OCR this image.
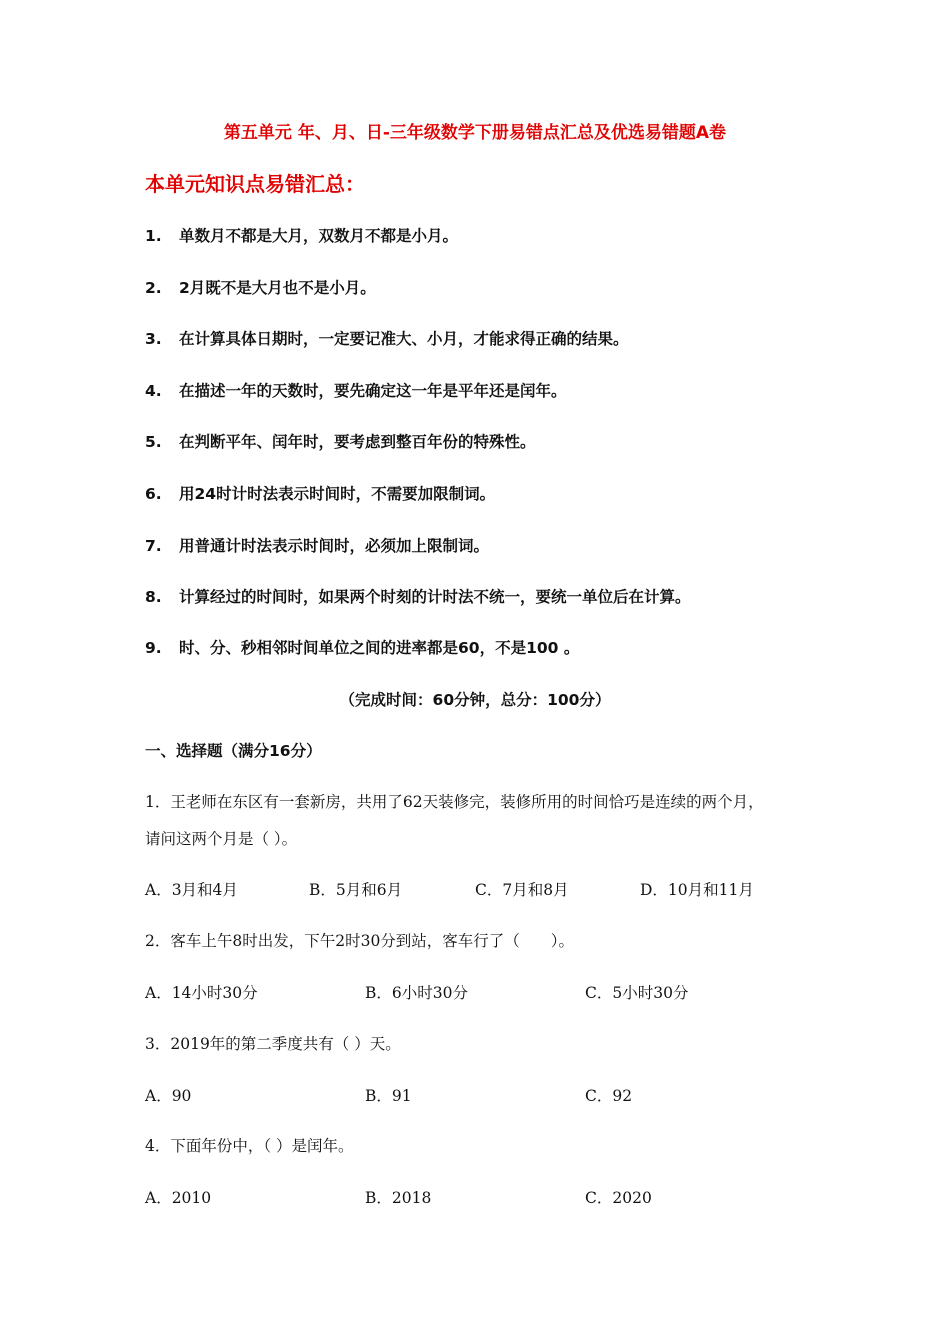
第五单元 年、月、日-三年级数学下册易错点汇总及优选易错题A卷
本单元知识点易错汇总：
1. 单数月不都是大月，双数月不都是小月。
2. 2月既不是大月也不是小月。
3. 在计算具体日期时，一定要记准大、小月，才能求得正确的结果。
4. 在描述一年的天数时，要先确定这一年是平年还是闰年。
5. 在判断平年、闰年时，要考虑到整百年份的特殊性。
6. 用24时计时法表示时间时，不需要加限制词。
7. 用普通计时法表示时间时，必须加上限制词。
8. 计算经过的时间时，如果两个时刻的计时法不统一，要统一单位后在计算。
9. 时、分、秒相邻时间单位之间的进率都是60，不是100 。
（完成时间：60分钟，总分：100分）
一、选择题（满分16分）
1．王老师在东区有一套新房，共用了62天装修完，装修所用的时间恰巧是连续的两个月，
请问这两个月是（ ）。
A．3月和4月	B．5月和6月	C．7月和8月	D．10月和11月
2．客车上午8时出发，下午2时30分到站，客车行了（　　）。
A．14小时30分	B．6小时30分	C．5小时30分
3．2019年的第二季度共有（ ）天。
A．90	B．91	C．92
4．下面年份中，（ ）是闰年。
A．2010	B．2018	C．2020
